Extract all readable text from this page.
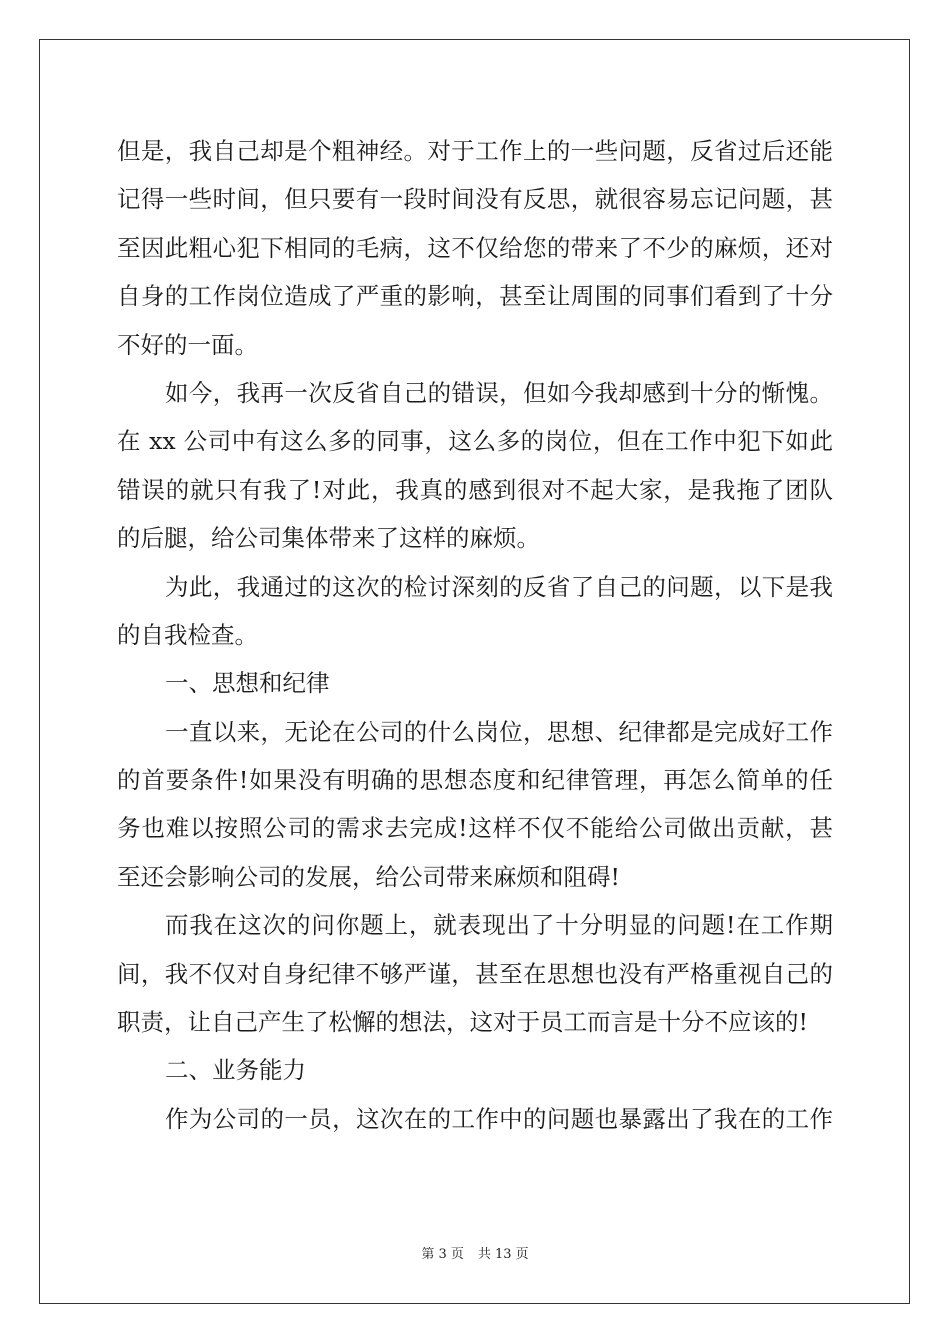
但是，我自己却是个粗神经。对于工作上的一些问题，反省过后还能
记得一些时间，但只要有一段时间没有反思，就很容易忘记问题，甚
至因此粗心犯下相同的毛病，这不仅给您的带来了不少的麻烦，还对
自身的工作岗位造成了严重的影响，甚至让周围的同事们看到了十分
不好的一面。
如今，我再一次反省自己的错误，但如今我却感到十分的惭愧。
在 xx 公司中有这么多的同事，这么多的岗位，但在工作中犯下如此
错误的就只有我了!对此，我真的感到很对不起大家，是我拖了团队
的后腿，给公司集体带来了这样的麻烦。
为此，我通过的这次的检讨深刻的反省了自己的问题，以下是我
的自我检查。
一、思想和纪律
一直以来，无论在公司的什么岗位，思想、纪律都是完成好工作
的首要条件!如果没有明确的思想态度和纪律管理，再怎么简单的任
务也难以按照公司的需求去完成!这样不仅不能给公司做出贡献，甚
至还会影响公司的发展，给公司带来麻烦和阻碍!
而我在这次的问你题上，就表现出了十分明显的问题!在工作期
间，我不仅对自身纪律不够严谨，甚至在思想也没有严格重视自己的
职责，让自己产生了松懈的想法，这对于员工而言是十分不应该的!
二、业务能力
作为公司的一员，这次在的工作中的问题也暴露出了我在的工作
第 3 页 共 13 页
